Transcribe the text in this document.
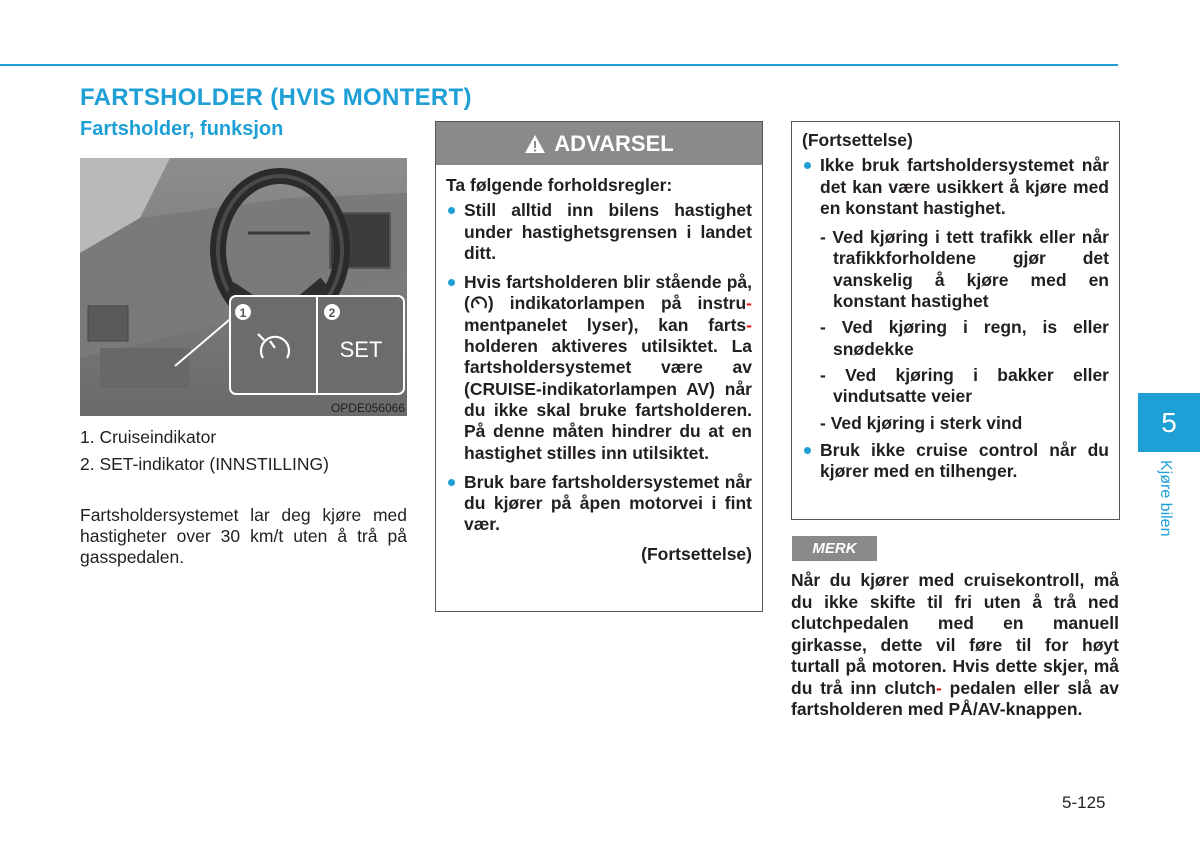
FARTSHOLDER (HVIS MONTERT)
Fartsholder, funksjon
1	2
SET
OPDE056066
1. Cruiseindikator
2. SET-indikator (INNSTILLING)

Fartsholdersystemet lar deg kjøre med hastigheter over 30 km/t uten å trå på gasspedalen.

ADVARSEL

Ta følgende forholdsregler:

Still alltid inn bilens hastighet under hastighetsgrensen i landet ditt.
Hvis fartsholderen blir stående på, ( ) indikatorlampen på instru- mentpanelet lyser), kan farts- holderen aktiveres utilsiktet. La fartsholdersystemet være av (CRUISE-indikatorlampen AV) når du ikke skal bruke fartsholderen. På denne måten hindrer du at en hastighet stilles inn utilsiktet.
Bruk bare fartsholdersystemet når du kjører på åpen motorvei i fint vær.

(Fortsettelse)

(Fortsettelse)

Ikke bruk fartsholdersystemet når det kan være usikkert å kjøre med en konstant hastighet.
- Ved kjøring i tett trafikk eller når trafikkforholdene gjør det vanskelig å kjøre med en konstant hastighet
- Ved kjøring i regn, is eller snødekke
- Ved kjøring i bakker eller vindutsatte veier
- Ved kjøring i sterk vind
Bruk ikke cruise control når du kjører med en tilhenger.
MERK

Når du kjører med cruisekontroll, må du ikke skifte til fri uten å trå ned clutchpedalen med en manuell girkasse, dette vil føre til for høyt turtall på motoren. Hvis dette skjer, må du trå inn clutch- pedalen eller slå av fartsholderen med PÅ/AV-knappen.

5
Kjøre bilen
5-125
